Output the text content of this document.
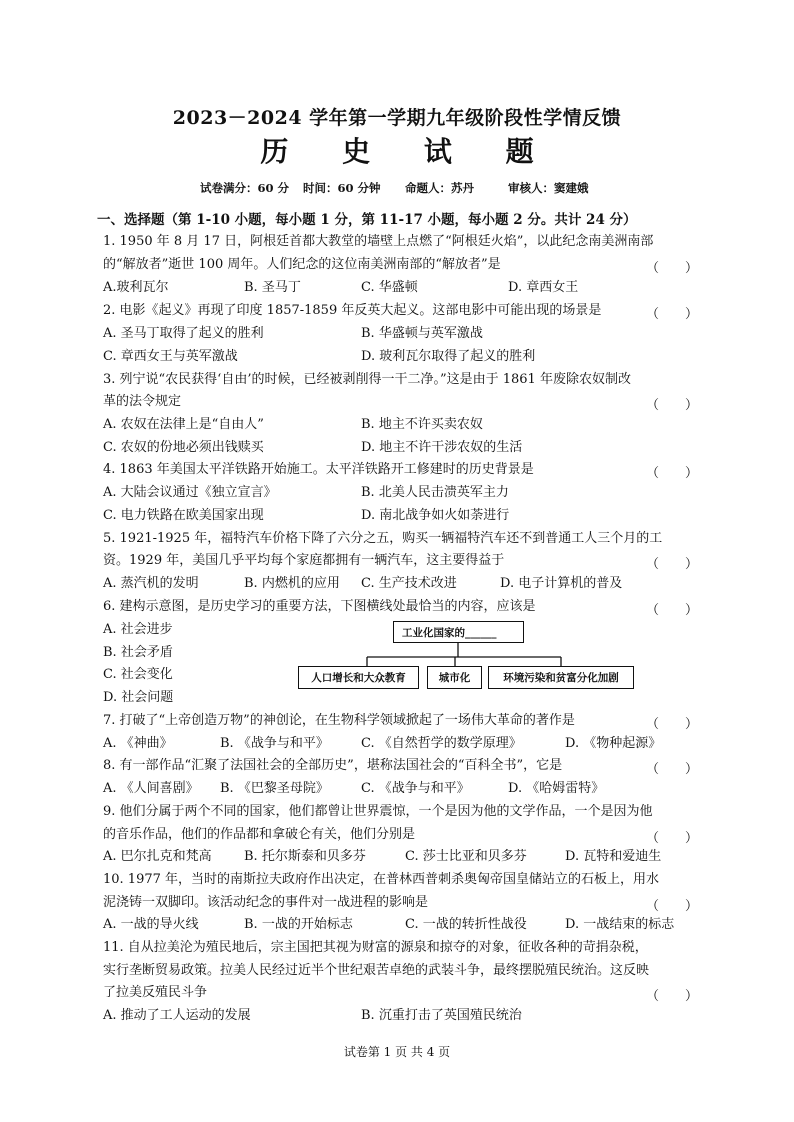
2023－2024 学年第一学期九年级阶段性学情反馈
历 史 试 题
试卷满分：60 分 时间：60 分钟 命题人：苏丹	审核人：窦建娥
一、选择题（第 1-10 小题，每小题 1 分，第 11-17 小题，每小题 2 分。共计 24 分）
1. 1950 年 8 月 17 日，阿根廷首都大教堂的墙壁上点燃了“阿根廷火焰”，以此纪念南美洲南部
的“解放者”逝世 100 周年。人们纪念的这位南美洲南部的“解放者”是	（　　）
A.玻利瓦尔	B. 圣马丁	C. 华盛顿	D. 章西女王
2. 电影《起义》再现了印度 1857-1859 年反英大起义。这部电影中可能出现的场景是	（　　）
A. 圣马丁取得了起义的胜利	B. 华盛顿与英军激战
C. 章西女王与英军激战	D. 玻利瓦尔取得了起义的胜利
3. 列宁说“农民获得‘自由’的时候，已经被剥削得一干二净。”这是由于 1861 年废除农奴制改
革的法令规定	（　　）
A. 农奴在法律上是“自由人”	B. 地主不许买卖农奴
C. 农奴的份地必须出钱赎买	D. 地主不许干涉农奴的生活
4. 1863 年美国太平洋铁路开始施工。太平洋铁路开工修建时的历史背景是	（　　）
A. 大陆会议通过《独立宣言》	B. 北美人民击溃英军主力
C. 电力铁路在欧美国家出现	D. 南北战争如火如荼进行
5. 1921-1925 年，福特汽车价格下降了六分之五，购买一辆福特汽车还不到普通工人三个月的工
资。1929 年，美国几乎平均每个家庭都拥有一辆汽车，这主要得益于	（　　）
A. 蒸汽机的发明	B. 内燃机的应用 C. 生产技术改进	D. 电子计算机的普及
6. 建构示意图，是历史学习的重要方法，下图横线处最恰当的内容，应该是	（　　）
A. 社会进步
B. 社会矛盾
C. 社会变化
D. 社会问题
工业化国家的______
人口增长和大众教育	城市化	环境污染和贫富分化加剧
7. 打破了“上帝创造万物”的神创论，在生物科学领域掀起了一场伟大革命的著作是	（　　）
A. 《神曲》	B. 《战争与和平》 C. 《自然哲学的数学原理》	D. 《物种起源》
8. 有一部作品“汇聚了法国社会的全部历史”，堪称法国社会的“百科全书”，它是	（　　）
A. 《人间喜剧》 B. 《巴黎圣母院》 C. 《战争与和平》	D. 《哈姆雷特》
9. 他们分属于两个不同的国家，他们都曾让世界震惊，一个是因为他的文学作品，一个是因为他
的音乐作品，他们的作品都和拿破仑有关，他们分别是	（　　）
A. 巴尔扎克和梵高 B. 托尔斯泰和贝多芬	C. 莎士比亚和贝多芬	D. 瓦特和爱迪生
10. 1977 年，当时的南斯拉夫政府作出决定，在普林西普刺杀奥匈帝国皇储站立的石板上，用水
泥浇铸一双脚印。该活动纪念的事件对一战进程的影响是	（　　）
A. 一战的导火线	B. 一战的开始标志	C. 一战的转折性战役	D. 一战结束的标志
11. 自从拉美沦为殖民地后，宗主国把其视为财富的源泉和掠夺的对象，征收各种的苛捐杂税，
实行垄断贸易政策。拉美人民经过近半个世纪艰苦卓绝的武装斗争，最终摆脱殖民统治。这反映
了拉美反殖民斗争	（　　）
A. 推动了工人运动的发展	B. 沉重打击了英国殖民统治
试卷第 1 页 共 4 页
